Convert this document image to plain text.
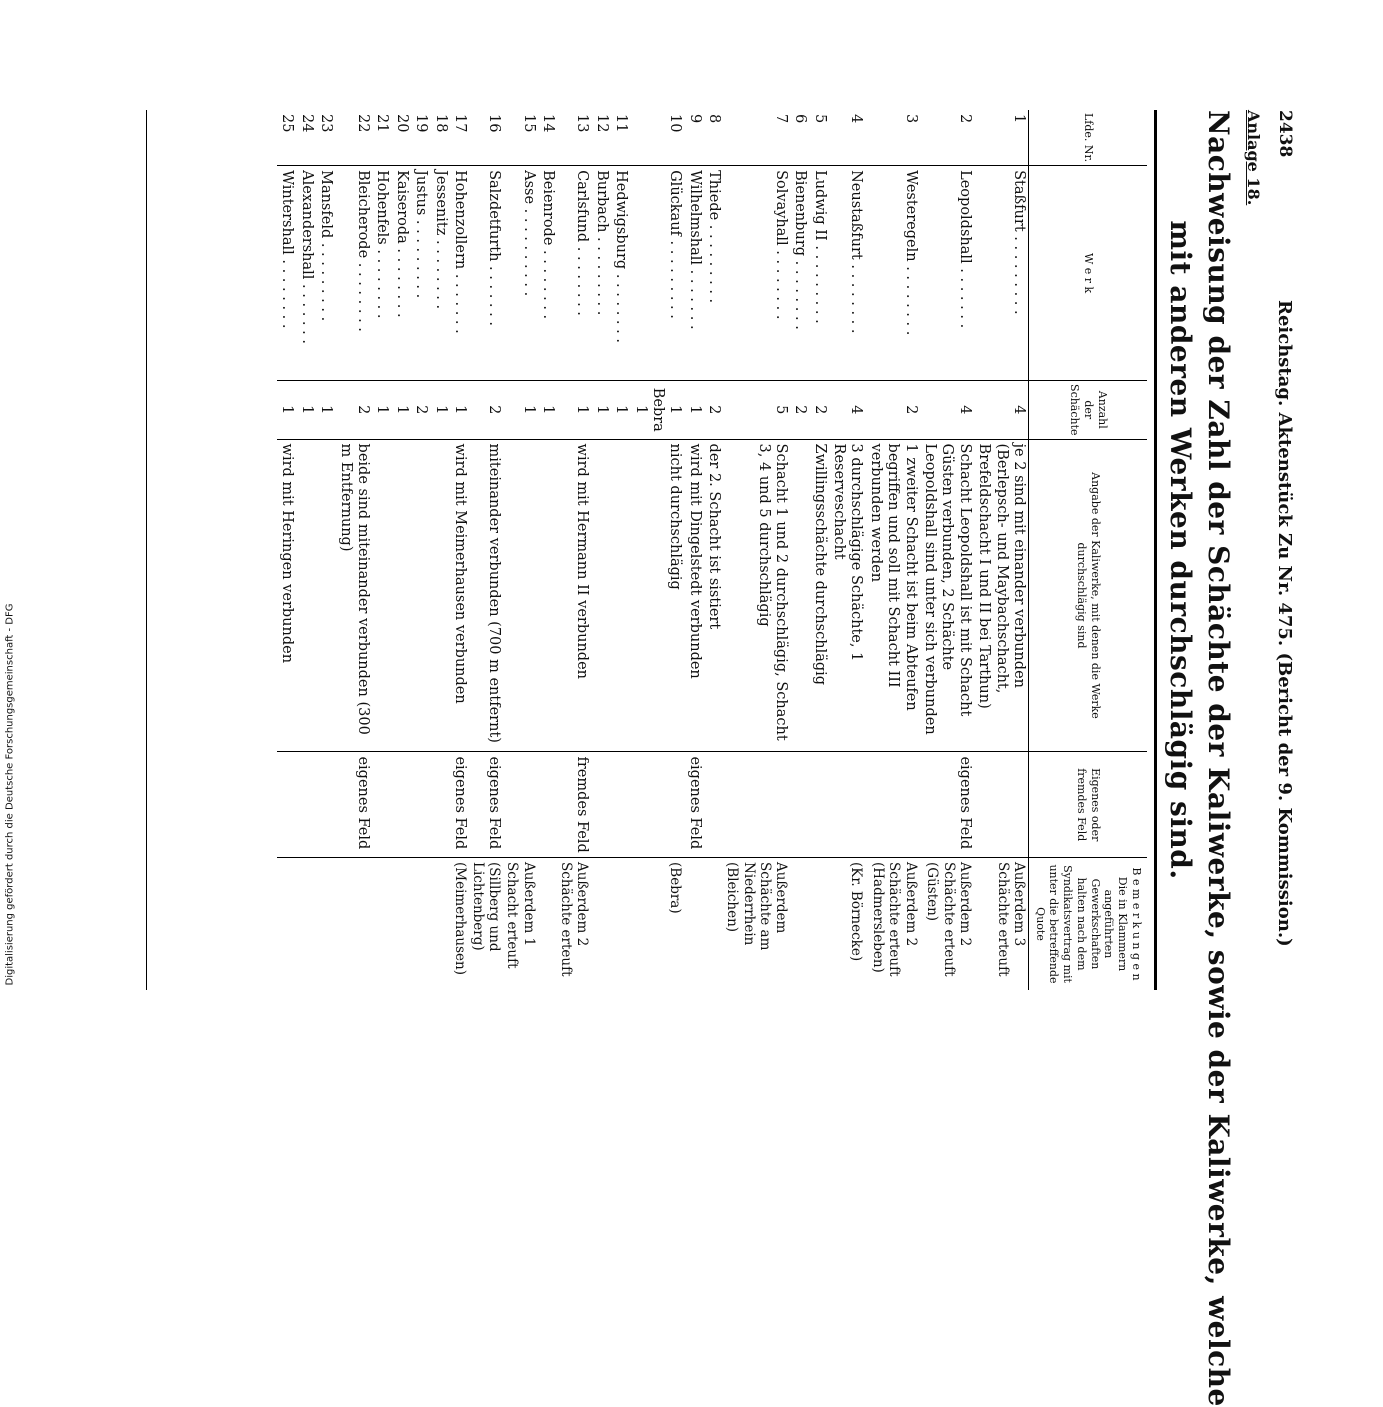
2438
Reichstag. Aktenstück Zu Nr. 475. (Bericht der 9. Kommission.)
Anlage 18.
Nachweisung der Zahl der Schächte der Kaliwerke, sowie der Kaliwerke, welche
mit anderen Werken durchschlägig sind.
Lfde. Nr.	W e r k	Anzahl der Schächte	Angabe der Kaliwerke, mit denen die Werke durchschlägig sind	Eigenes oder fremdes Feld	B e m e r k u n g e n Die in Klammern angeführten Gewerkschaften halten nach dem Syndikatsvertrag mit unter die betreffende Quote
1	Staßfurt . . . . . . . . .	4	je 2 sind mit einander verbunden (Berlepsch- und Maybachschacht, Brefeldschacht I und II bei Tarthun)		Außerdem 3 Schächte erteuft
2	Leopoldshall . . . . . . .	4	Schacht Leopoldshall ist mit Schacht Güsten verbunden, 2 Schächte Leopoldshall sind unter sich verbunden	eigenes Feld	Außerdem 2 Schächte erteuft (Güsten)
3	Westeregeln . . . . . . . .	2	1 zweiter Schacht ist beim Abteufen begriffen und soll mit Schacht III verbunden werden		Außerdem 2 Schächte erteuft (Hadmersleben)
4	Neustaßfurt . . . . . . . .	4	3 durchschlägige Schächte, 1 Reserveschacht		(Kr. Börnecke)
5	Ludwig II . . . . . . . . .	2	Zwillingsschächte durchschlägig		
6	Bienenburg . . . . . . . .	2			
7	Solvayhall . . . . . . . .	5	Schacht 1 und 2 durchschlägig, Schacht 3, 4 und 5 durchschlägig		Außerdem Schächte am Niederrhein (Bleichen)
8	Thiede . . . . . . . . .	2	der 2. Schacht ist sistiert		
9	Wilhelmshall . . . . . . .	1	wird mit Dingelstedt verbunden	eigenes Feld	
10	Glückauf . . . . . . . . .	1 Bebra 1	nicht durchschlägig		(Bebra)
11	Hedwigsburg . . . . . . . .	1			
12	Burbach . . . . . . . . .	1			
13	Carlsfund . . . . . . . .	1	wird mit Hermann II verbunden	fremdes Feld	Außerdem 2 Schächte erteuft
14	Beienrode . . . . . . . .	1			
15	Asse . . . . . . . . . .	1			Außerdem 1 Schacht erteuft
16	Salzdetfurth . . . . . . .	2	miteinander verbunden (700 m entfernt)	eigenes Feld	(Sillberg und Lichtenberg)
17	Hohenzollern . . . . . . .	1	wird mit Meimerhausen verbunden	eigenes Feld	(Meimerhausen)
18	Jessenitz . . . . . . . .	1			
19	Justus . . . . . . . . .	2			
20	Kaiseroda . . . . . . . .	1			
21	Hohenfels . . . . . . . .	1			
22	Bleicherode . . . . . . . .	2	beide sind miteinander verbunden (300 m Entfernung)	eigenes Feld	
23	Mansfeld . . . . . . . . .	1			
24	Alexandershall . . . . . . .	1			
25	Wintershall . . . . . . . .	1	wird mit Heringen verbunden		
Digitalisierung gefördert durch die Deutsche Forschungsgemeinschaft - DFG
